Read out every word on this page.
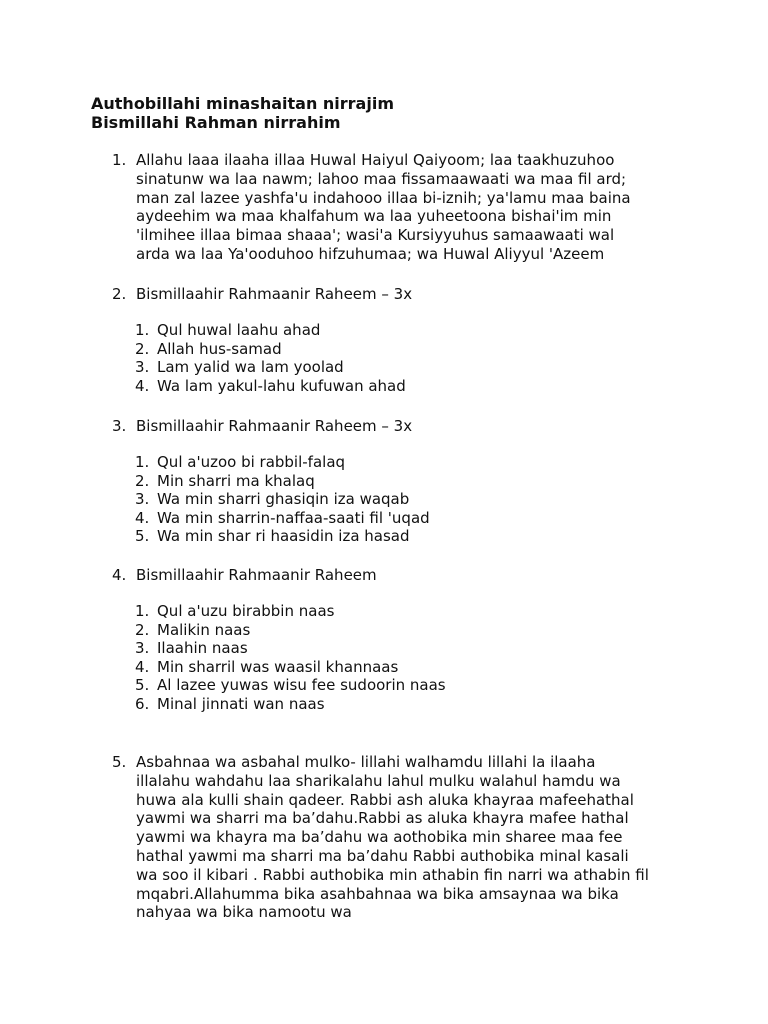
Authobillahi minashaitan nirrajim

Bismillahi Rahman nirrahim

1. Allahu laaa ilaaha illaa Huwal Haiyul Qaiyoom; laa taakhuzuhoo sinatunw wa laa nawm; lahoo maa fissamaawaati wa maa fil ard; man zal lazee yashfa'u indahooo illaa bi-iznih; ya'lamu maa baina aydeehim wa maa khalfahum wa laa yuheetoona bishai'im min 'ilmihee illaa bimaa shaaa'; wasi'a Kursiyyuhus samaawaati wal arda wa laa Ya'ooduhoo hifzuhumaa; wa Huwal Aliyyul 'Azeem
2. Bismillaahir Rahmaanir Raheem – 3x
1. Qul huwal laahu ahad
2. Allah hus-samad
3. Lam yalid wa lam yoolad
4. Wa lam yakul-lahu kufuwan ahad
3. Bismillaahir Rahmaanir Raheem – 3x
1. Qul a'uzoo bi rabbil-falaq
2. Min sharri ma khalaq
3. Wa min sharri ghasiqin iza waqab
4. Wa min sharrin-naffaa-saati fil 'uqad
5. Wa min shar ri haasidin iza hasad
4. Bismillaahir Rahmaanir Raheem
1. Qul a'uzu birabbin naas
2. Malikin naas
3. Ilaahin naas
4. Min sharril was waasil khannaas
5. Al lazee yuwas wisu fee sudoorin naas
6. Minal jinnati wan naas
5. Asbahnaa wa asbahal mulko- lillahi walhamdu lillahi la ilaaha illalahu wahdahu laa sharikalahu lahul mulku walahul hamdu wa huwa ala kulli shain qadeer. Rabbi ash aluka khayraa mafeehathal yawmi wa sharri ma ba’dahu.Rabbi as aluka khayra mafee hathal yawmi wa khayra ma ba’dahu wa aothobika min sharee maa fee hathal yawmi ma sharri ma ba’dahu Rabbi authobika minal kasali wa soo il kibari . Rabbi authobika min athabin fin narri wa athabin fil mqabri.Allahumma bika asahbahnaa wa bika amsaynaa wa bika nahyaa wa bika namootu wa
